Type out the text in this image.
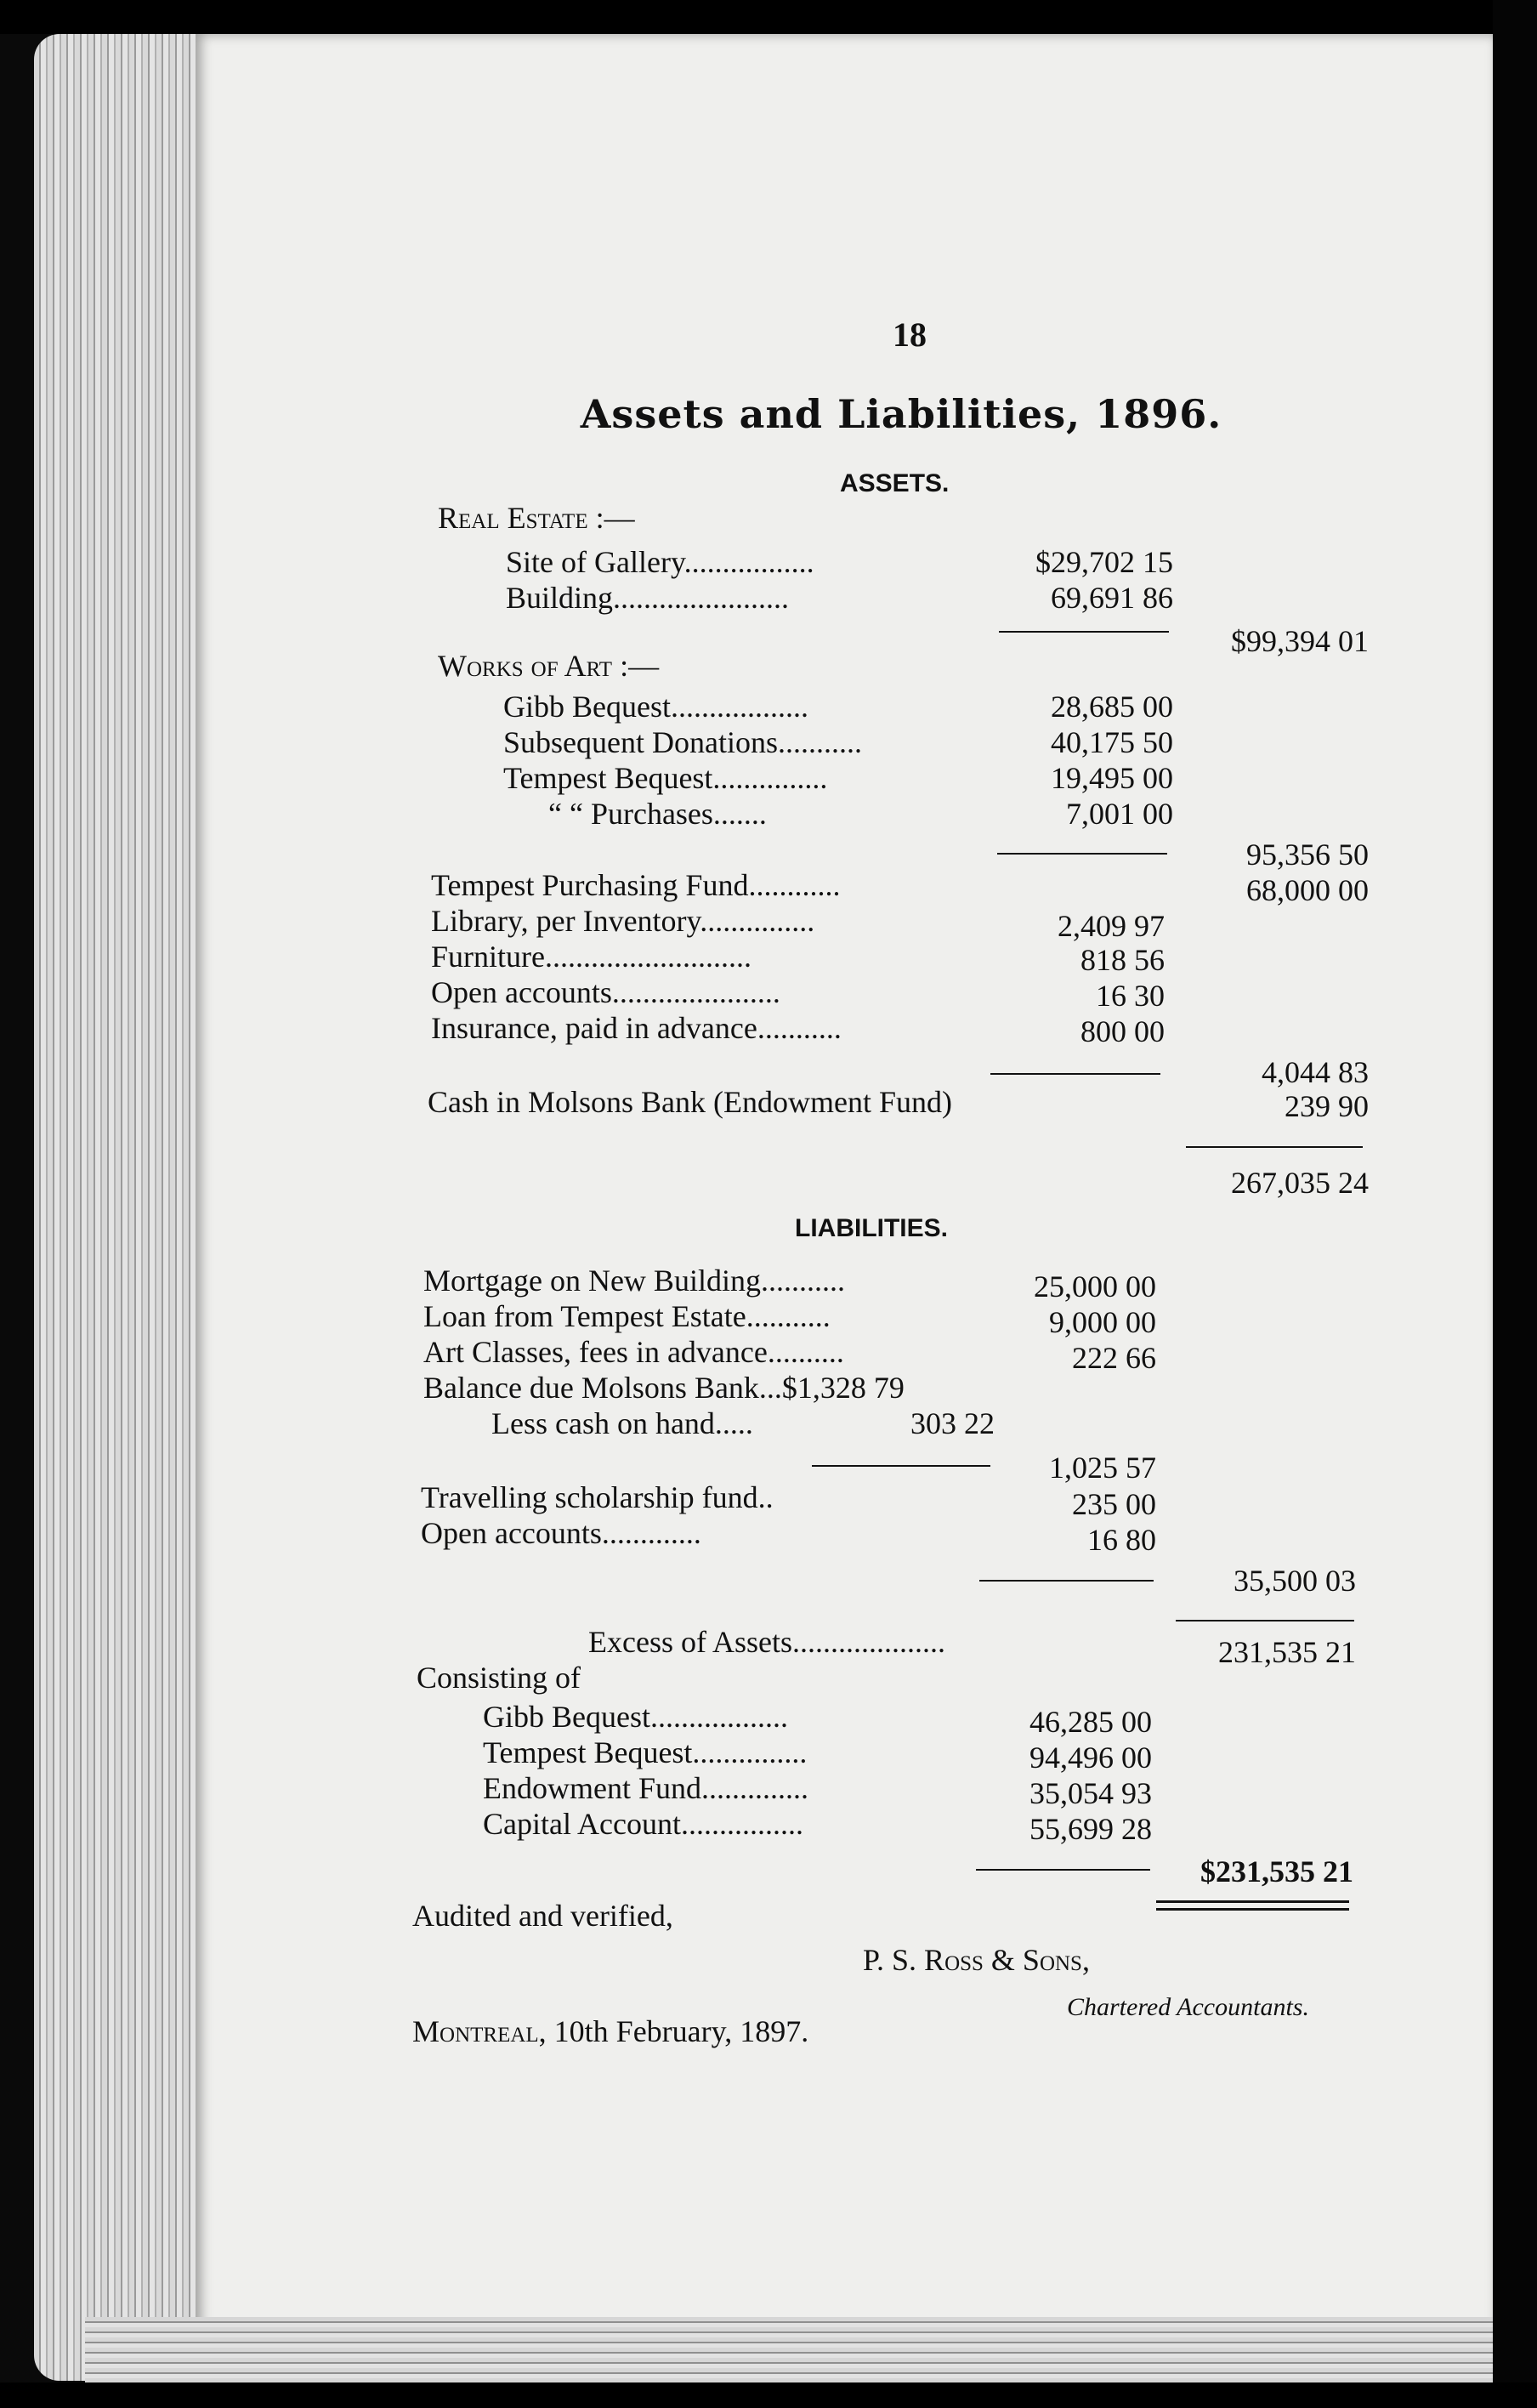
18
Assets and Liabilities, 1896.
ASSETS.
Real Estate :—
Site of Gallery.................	$29,702 15
Building.......................	69,691 86
$99,394 01
Works of Art :—
Gibb Bequest..................	28,685 00
Subsequent Donations...........	40,175 50
Tempest Bequest...............	19,495 00
“ “ Purchases.......	7,001 00
95,356 50
Tempest Purchasing Fund............	68,000 00
Library, per Inventory...............	2,409 97
Furniture...........................	818 56
Open accounts......................	16 30
Insurance, paid in advance...........	800 00
4,044 83
Cash in Molsons Bank (Endowment Fund)	239 90
267,035 24
LIABILITIES.
Mortgage on New Building...........	25,000 00
Loan from Tempest Estate...........	9,000 00
Art Classes, fees in advance..........	222 66
Balance due Molsons Bank...$1,328 79
Less cash on hand.....	303 22
1,025 57
Travelling scholarship fund..	235 00
Open accounts.............	16 80
35,500 03
Excess of Assets....................	231,535 21
Consisting of
Gibb Bequest..................	46,285 00
Tempest Bequest...............	94,496 00
Endowment Fund..............	35,054 93
Capital Account................	55,699 28
$231,535 21
Audited and verified,
P. S. Ross & Sons,
Chartered Accountants.
Montreal, 10th February, 1897.
